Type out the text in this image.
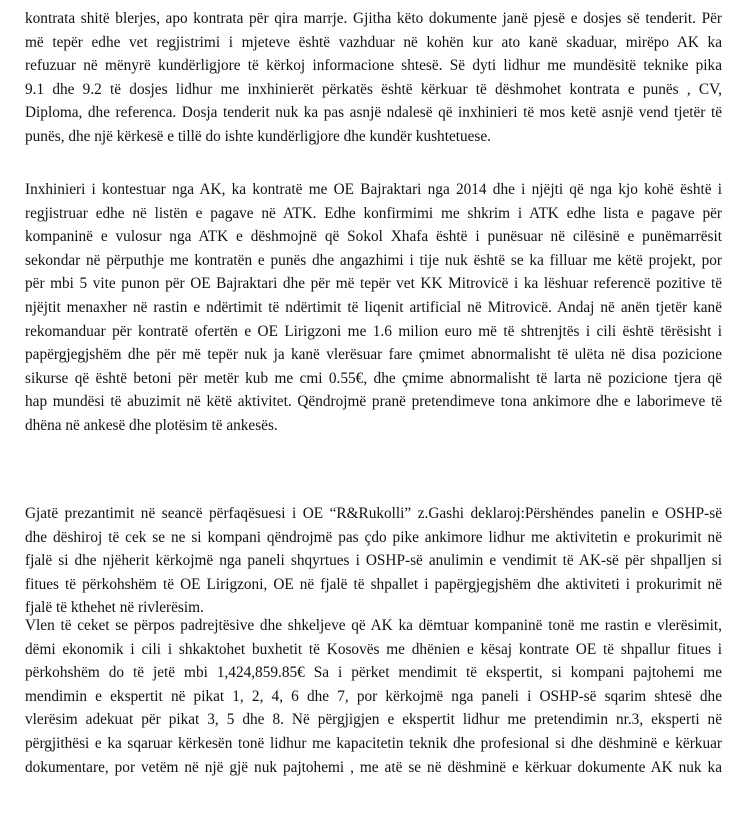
kontrata shitë blerjes, apo kontrata për qira marrje. Gjitha këto dokumente janë pjesë e dosjes së tenderit. Për
më tepër edhe vet regjistrimi i mjeteve është vazhduar në kohën kur ato kanë skaduar, mirëpo AK ka
refuzuar në mënyrë kundërligjore të kërkoj informacione shtesë. Së dyti lidhur me mundësitë teknike pika
9.1 dhe 9.2 të dosjes lidhur me inxhinierët përkatës është kërkuar të dëshmohet kontrata e punës , CV,
Diploma, dhe referenca. Dosja tenderit nuk ka pas asnjë ndalesë që inxhinieri të mos ketë asnjë vend tjetër të
punës, dhe një kërkesë e tillë do ishte kundërligjore dhe kundër kushtetuese.

Inxhinieri i kontestuar nga AK, ka kontratë me OE Bajraktari nga 2014 dhe i njëjti që nga kjo kohë është i
regjistruar edhe në listën e pagave në ATK. Edhe konfirmimi me shkrim i ATK edhe lista e pagave për
kompaninë e vulosur nga ATK e dëshmojnë që Sokol Xhafa është i punësuar në cilësinë e punëmarrësit
sekondar në përputhje me kontratën e punës dhe angazhimi i tije nuk është se ka filluar me këtë projekt, por
për mbi 5 vite punon për OE Bajraktari dhe për më tepër vet KK Mitrovicë i ka lëshuar referencë pozitive të
njëjtit menaxher në rastin e ndërtimit të ndërtimit të liqenit artificial në Mitrovicë. Andaj në anën tjetër kanë
rekomanduar për kontratë ofertën e OE Lirigzoni me 1.6 milion euro më të shtrenjtës i cili është tërësisht i
papërgjegjshëm dhe për më tepër nuk ja kanë vlerësuar fare çmimet abnormalisht të ulëta në disa pozicione
sikurse që është betoni për metër kub me cmi 0.55€, dhe çmime abnormalisht të larta në pozicione tjera që
hap mundësi të abuzimit në këtë aktivitet. Qëndrojmë pranë pretendimeve tona ankimore dhe e laborimeve të
dhëna në ankesë dhe plotësim të ankesës.

Gjatë prezantimit në seancë përfaqësuesi i OE “R&Rukolli” z.Gashi deklaroj:Përshëndes panelin e OSHP-së
dhe dëshiroj të cek se ne si kompani qëndrojmë pas çdo pike ankimore lidhur me aktivitetin e prokurimit në
fjalë si dhe njëherit kërkojmë nga paneli shqyrtues i OSHP-së anulimin e vendimit të AK-së për shpalljen si
fitues të përkohshëm të OE Lirigzoni, OE në fjalë të shpallet i papërgjegjshëm dhe aktiviteti i prokurimit në
fjalë të kthehet në rivlerësim.

Vlen të ceket se përpos padrejtësive dhe shkeljeve që AK ka dëmtuar kompaninë tonë me rastin e vlerësimit,
dëmi ekonomik i cili i shkaktohet buxhetit të Kosovës me dhënien e kësaj kontrate OE të shpallur fitues i
përkohshëm do të jetë mbi 1,424,859.85€ Sa i përket mendimit të ekspertit, si kompani pajtohemi me
mendimin e ekspertit në pikat 1, 2, 4, 6 dhe 7, por kërkojmë nga paneli i OSHP-së sqarim shtesë dhe
vlerësim adekuat për pikat 3, 5 dhe 8. Në përgjigjen e ekspertit lidhur me pretendimin nr.3, eksperti në
përgjithësi e ka sqaruar kërkesën tonë lidhur me kapacitetin teknik dhe profesional si dhe dëshminë e kërkuar
dokumentare, por vetëm në një gjë nuk pajtohemi , me atë se në dëshminë e kërkuar dokumente AK nuk ka
